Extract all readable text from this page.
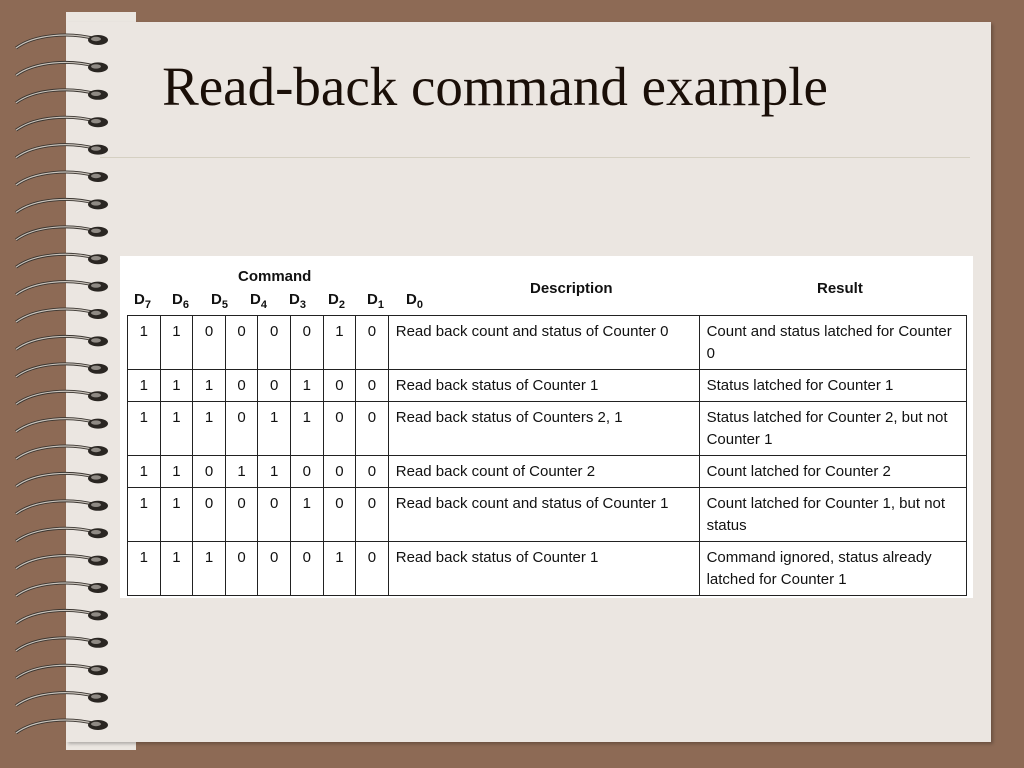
Read-back command example
Command
$D_7$ $D_6$ $D_5$ $D_4$ $D_3$ $D_2$ $D_1$ $D_0$
Description	Result
1	1	0	0	0	0	1	0	Read back count and status of Counter 0	Count and status latched for Counter 0
1	1	1	0	0	1	0	0	Read back status of Counter 1	Status latched for Counter 1
1	1	1	0	1	1	0	0	Read back status of Counters 2, 1	Status latched for Counter 2, but not Counter 1
1	1	0	1	1	0	0	0	Read back count of Counter 2	Count latched for Counter 2
1	1	0	0	0	1	0	0	Read back count and status of Counter 1	Count latched for Counter 1, but not status
1	1	1	0	0	0	1	0	Read back status of Counter 1	Command ignored, status already latched for Counter 1
